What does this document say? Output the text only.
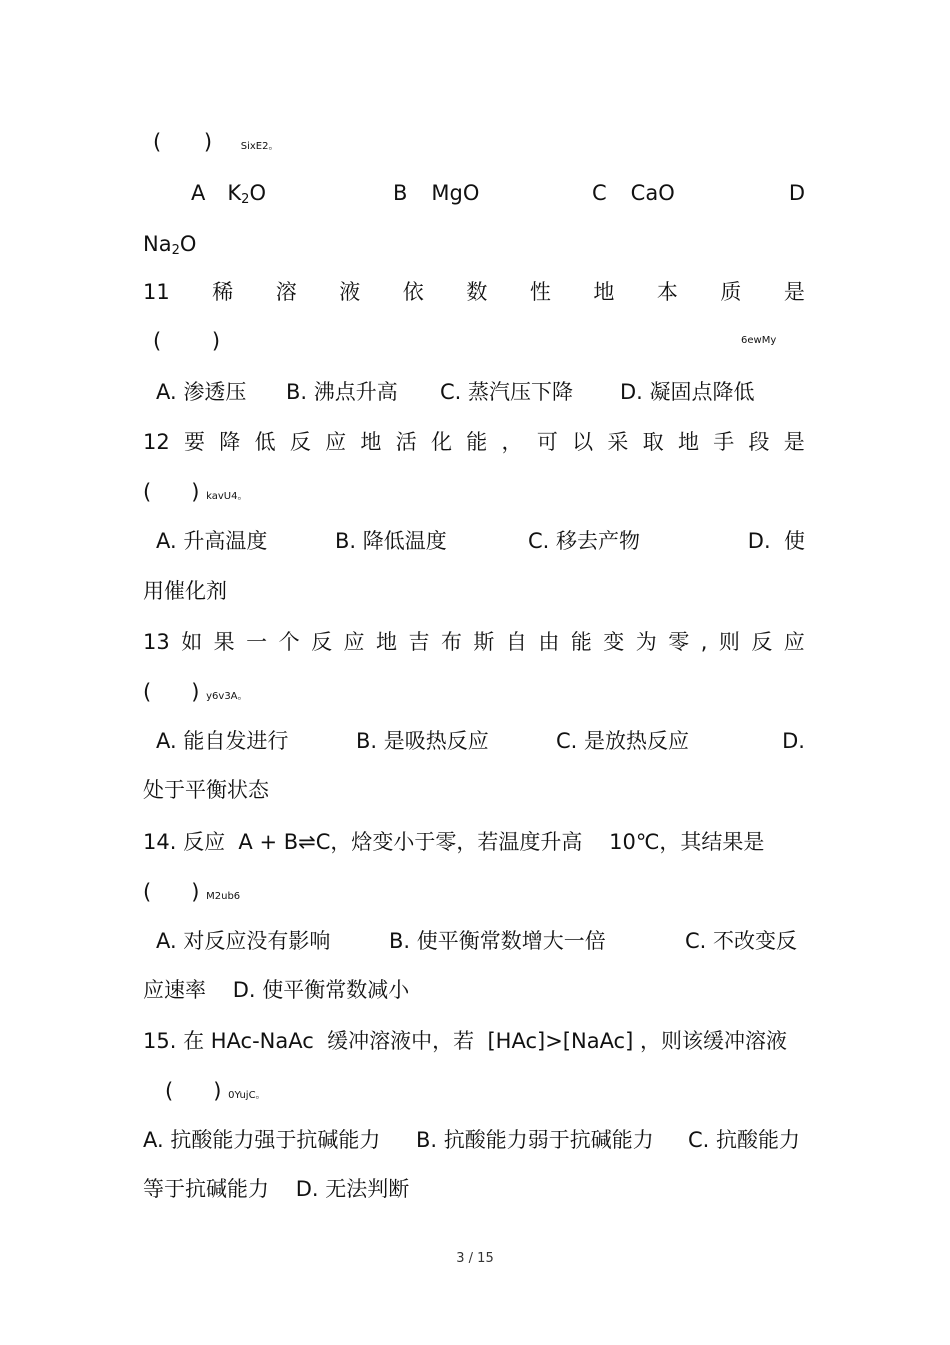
( ) SixE2。
A $K_2O$	B MgO	C CaO	D
$Na_2O$
11 稀 溶 液 依 数 性 地 本 质 是
( )	6ewMy
A. 渗透压 B. 沸点升高 C. 蒸汽压下降 D. 凝固点降低
12 要 降 低 反 应 地 活 化 能 ， 可 以 采 取 地 手 段 是
(      ) kavU4。
A. 升高温度	B. 降低温度	C. 移去产物	D.  使
用催化剂
13 如 果 一 个 反 应 地 吉 布 斯 自 由 能 变 为 零 , 则 反 应
(      ) y6v3A。
A. 能自发进行	B. 是吸热反应	C. 是放热反应	D.
处于平衡状态
14. 反应  A + B⇌C，焓变小于零，若温度升高    10℃，其结果是
(      ) M2ub6
A. 对反应没有影响	B. 使平衡常数增大一倍	C. 不改变反
应速率    D. 使平衡常数减小
15. 在 HAc-NaAc  缓冲溶液中，若  [HAc]>[NaAc] ，则该缓冲溶液
(      ) 0YujC。
A. 抗酸能力强于抗碱能力 B. 抗酸能力弱于抗碱能力 C. 抗酸能力
等于抗碱能力    D. 无法判断
3 / 15
